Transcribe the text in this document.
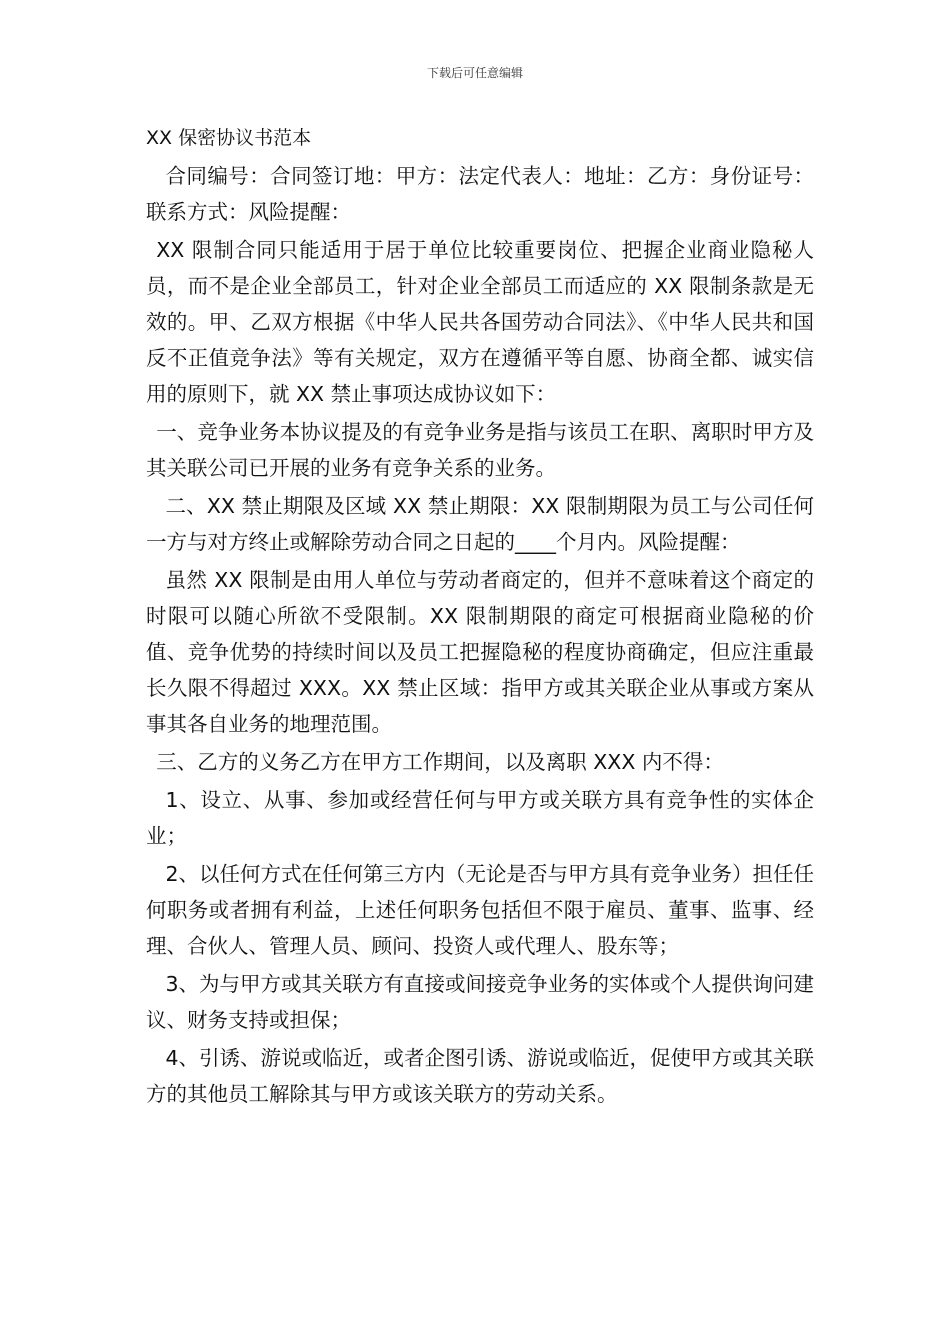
下载后可任意编辑
XX 保密协议书范本

合同编号：合同签订地：甲方：法定代表人：地址：乙方：身份证号：联系方式：风险提醒：

XX 限制合同只能适用于居于单位比较重要岗位、把握企业商业隐秘人员，而不是企业全部员工，针对企业全部员工而适应的 XX 限制条款是无效的。甲、乙双方根据《中华人民共各国劳动合同法》、《中华人民共和国反不正值竞争法》等有关规定，双方在遵循平等自愿、协商全都、诚实信用的原则下，就 XX 禁止事项达成协议如下：

一、竞争业务本协议提及的有竞争业务是指与该员工在职、离职时甲方及其关联公司已开展的业务有竞争关系的业务。

二、XX 禁止期限及区域 XX 禁止期限：XX 限制期限为员工与公司任何一方与对方终止或解除劳动合同之日起的____个月内。风险提醒：

虽然 XX 限制是由用人单位与劳动者商定的，但并不意味着这个商定的时限可以随心所欲不受限制。XX 限制期限的商定可根据商业隐秘的价值、竞争优势的持续时间以及员工把握隐秘的程度协商确定，但应注重最长久限不得超过 XXX。XX 禁止区域：指甲方或其关联企业从事或方案从事其各自业务的地理范围。

三、乙方的义务乙方在甲方工作期间，以及离职 XXX 内不得：

1、设立、从事、参加或经营任何与甲方或关联方具有竞争性的实体企业；

2、以任何方式在任何第三方内（无论是否与甲方具有竞争业务）担任任何职务或者拥有利益，上述任何职务包括但不限于雇员、董事、监事、经理、合伙人、管理人员、顾问、投资人或代理人、股东等；

3、为与甲方或其关联方有直接或间接竞争业务的实体或个人提供询问建议、财务支持或担保；

4、引诱、游说或临近，或者企图引诱、游说或临近，促使甲方或其关联方的其他员工解除其与甲方或该关联方的劳动关系。
